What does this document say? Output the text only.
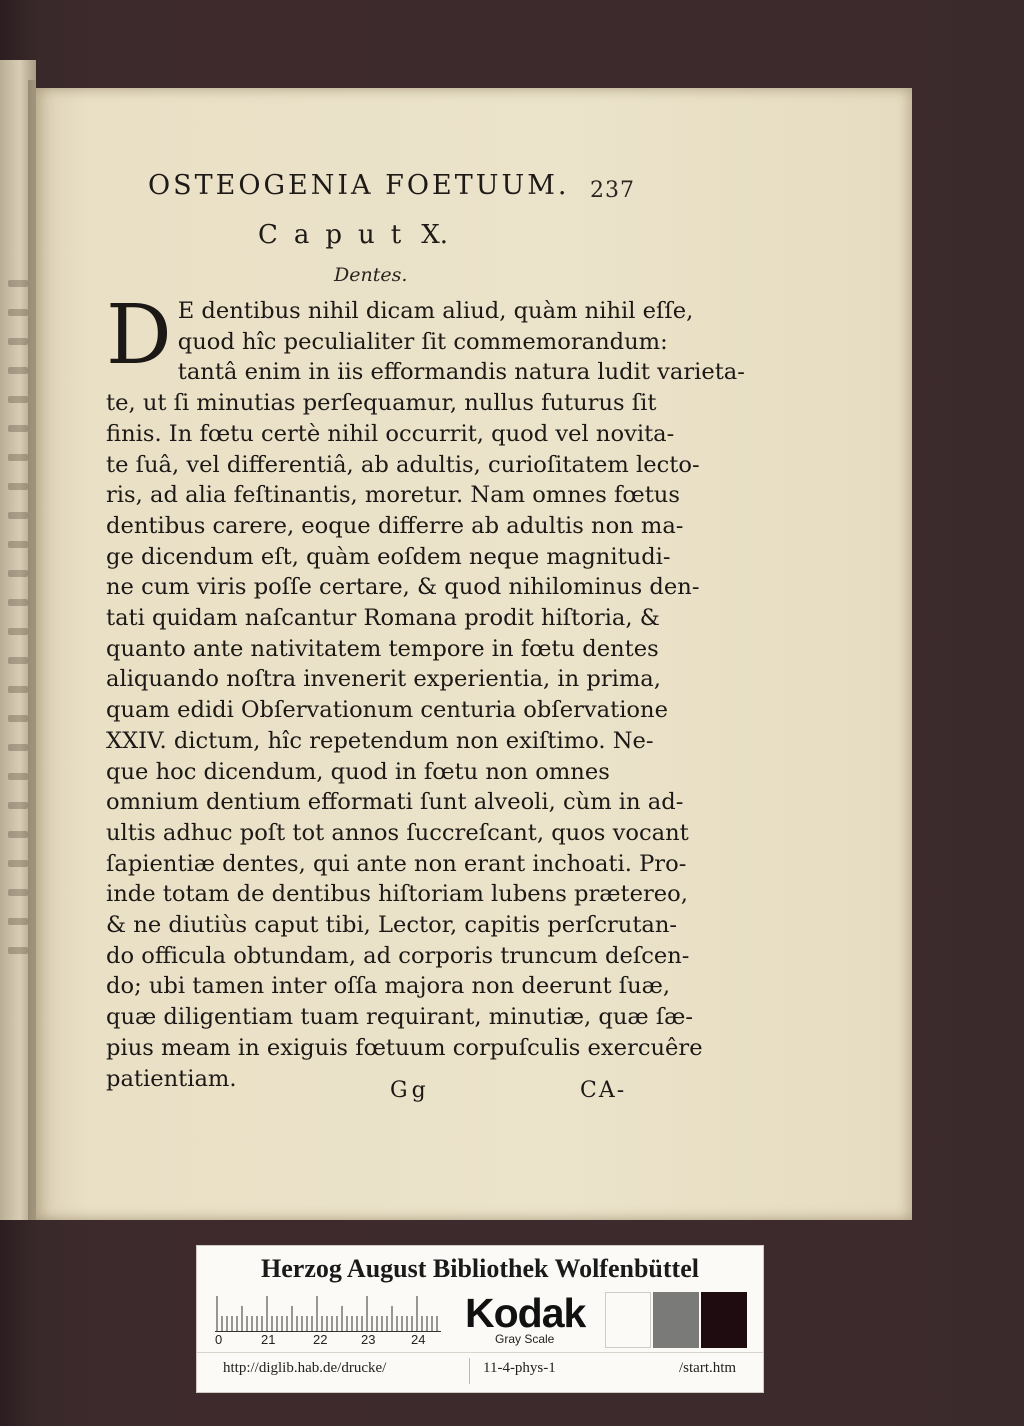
OSTEOGENIA FOETUUM. 237
Caput X.
Dentes.
D E dentibus nihil dicam aliud, quàm nihil eſſe,
quod hîc peculialiter ſit commemorandum:
tantâ enim in iis efformandis natura ludit varieta-
te, ut ſi minutias perſequamur, nullus futurus ſit
finis. In fœtu certè nihil occurrit, quod vel novita-
te ſuâ, vel differentiâ, ab adultis, curioſitatem lecto-
ris, ad alia feſtinantis, moretur. Nam omnes fœtus
dentibus carere, eoque differre ab adultis non ma-
ge dicendum eſt, quàm eoſdem neque magnitudi-
ne cum viris poſſe certare, & quod nihilominus den-
tati quidam naſcantur Romana prodit hiſtoria, &
quanto ante nativitatem tempore in fœtu dentes
aliquando noſtra invenerit experientia, in prima,
quam edidi Obſervationum centuria obſervatione
XXIV. dictum, hîc repetendum non exiſtimo. Ne-
que hoc dicendum, quod in fœtu non omnes
omnium dentium efformati ſunt alveoli, cùm in ad-
ultis adhuc poſt tot annos ſuccreſcant, quos vocant
ſapientiæ dentes, qui ante non erant inchoati. Pro-
inde totam de dentibus hiſtoriam lubens prætereo,
& ne diutiùs caput tibi, Lector, capitis perſcrutan-
do officula obtundam, ad corporis truncum deſcen-
do; ubi tamen inter oſſa majora non deerunt ſuæ,
quæ diligentiam tuam requirant, minutiæ, quæ ſæ-
pius meam in exiguis fœtuum corpuſculis exercuêre
patientiam.	Gg	CA-
Herzog August Bibliothek Wolfenbüttel
0	21	22	23	24
Kodak
Gray Scale
http://diglib.hab.de/drucke/	11-4-phys-1	/start.htm
